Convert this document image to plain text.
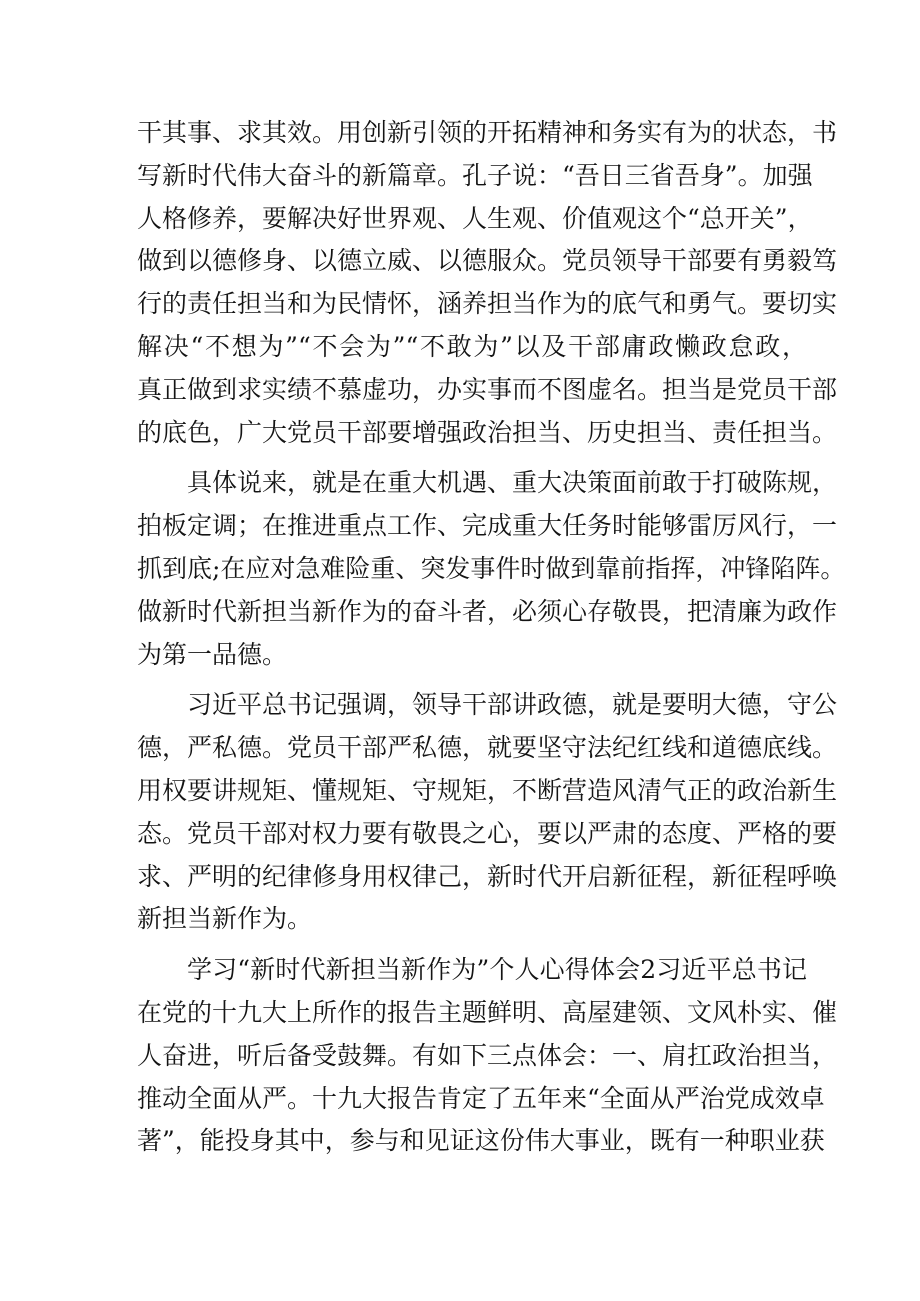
干其事、求其效。用创新引领的开拓精神和务实有为的状态，书
写新时代伟大奋斗的新篇章。孔子说：“吾日三省吾身”。加强
人格修养，要解决好世界观、人生观、价值观这个“总开关”，
做到以德修身、以德立威、以德服众。党员领导干部要有勇毅笃
行的责任担当和为民情怀，涵养担当作为的底气和勇气。要切实
解决“不想为”“不会为”“不敢为”以及干部庸政懒政怠政，
真正做到求实绩不慕虚功，办实事而不图虚名。担当是党员干部
的底色，广大党员干部要增强政治担当、历史担当、责任担当。
具体说来，就是在重大机遇、重大决策面前敢于打破陈规，
拍板定调；在推进重点工作、完成重大任务时能够雷厉风行，一
抓到底;在应对急难险重、突发事件时做到靠前指挥，冲锋陷阵。
做新时代新担当新作为的奋斗者，必须心存敬畏，把清廉为政作
为第一品德。
习近平总书记强调，领导干部讲政德，就是要明大德，守公
德，严私德。党员干部严私德，就要坚守法纪红线和道德底线。
用权要讲规矩、懂规矩、守规矩，不断营造风清气正的政治新生
态。党员干部对权力要有敬畏之心，要以严肃的态度、严格的要
求、严明的纪律修身用权律己，新时代开启新征程，新征程呼唤
新担当新作为。
学习“新时代新担当新作为”个人心得体会2习近平总书记
在党的十九大上所作的报告主题鲜明、高屋建领、文风朴实、催
人奋进，听后备受鼓舞。有如下三点体会：一、肩扛政治担当，
推动全面从严。十九大报告肯定了五年来“全面从严治党成效卓
著”，能投身其中，参与和见证这份伟大事业，既有一种职业获
